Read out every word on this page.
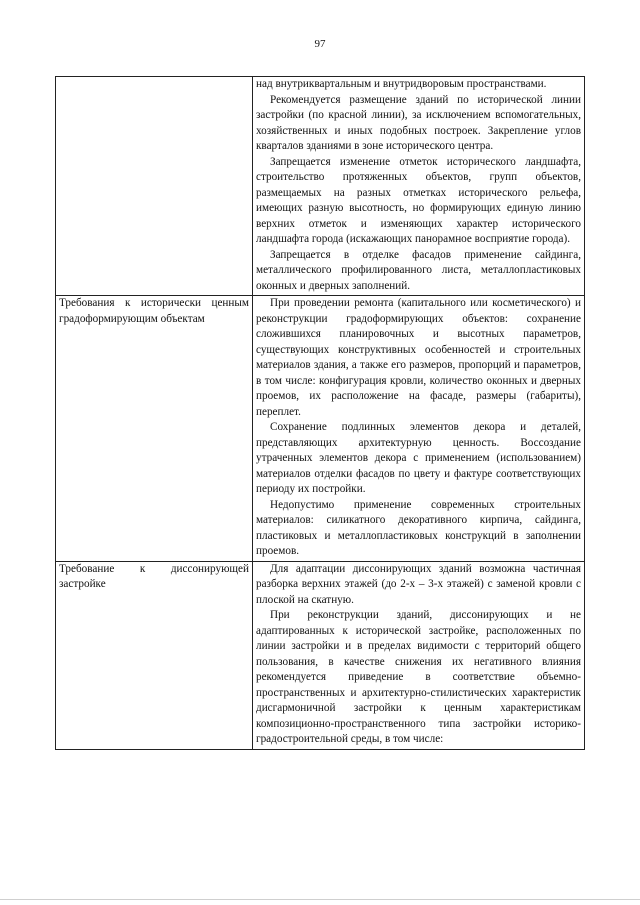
97

	над внутриквартальным и внутридворовым пространствами.

Рекомендуется размещение зданий по исторической линии застройки (по красной линии), за исключением вспомогательных, хозяйственных и иных подобных построек. Закрепление углов кварталов зданиями в зоне исторического центра.

Запрещается изменение отметок исторического ландшафта, строительство протяженных объектов, групп объектов, размещаемых на разных отметках исторического рельефа, имеющих разную высотность, но формирующих единую линию верхних отметок и изменяющих характер исторического ландшафта города (искажающих панорамное восприятие города).

Запрещается в отделке фасадов применение сайдинга, металлического профилированного листа, металлопластиковых оконных и дверных заполнений.

Требования к исторически ценным градоформирующим объектам	При проведении ремонта (капитального или косметического) и реконструкции градоформирующих объектов: сохранение сложившихся планировочных и высотных параметров, существующих конструктивных особенностей и строительных материалов здания, а также его размеров, пропорций и параметров, в том числе: конфигурация кровли, количество оконных и дверных проемов, их расположение на фасаде, размеры (габариты), переплет.

Сохранение подлинных элементов декора и деталей, представляющих архитектурную ценность. Воссоздание утраченных элементов декора с применением (использованием) материалов отделки фасадов по цвету и фактуре соответствующих периоду их постройки.

Недопустимо применение современных строительных материалов: силикатного декоративного кирпича, сайдинга, пластиковых и металлопластиковых конструкций в заполнении проемов.

Требование к диссонирующей застройке	Для адаптации диссонирующих зданий возможна частичная разборка верхних этажей (до 2-х – 3-х этажей) с заменой кровли с плоской на скатную.

При реконструкции зданий, диссонирующих и не адаптированных к исторической застройке, расположенных по линии застройки и в пределах видимости с территорий общего пользования, в качестве снижения их негативного влияния рекомендуется приведение в соответствие объемно-пространственных и архитектурно-стилистических характеристик дисгармоничной застройки к ценным характеристикам композиционно-пространственного типа застройки историко-градостроительной среды, в том числе:
